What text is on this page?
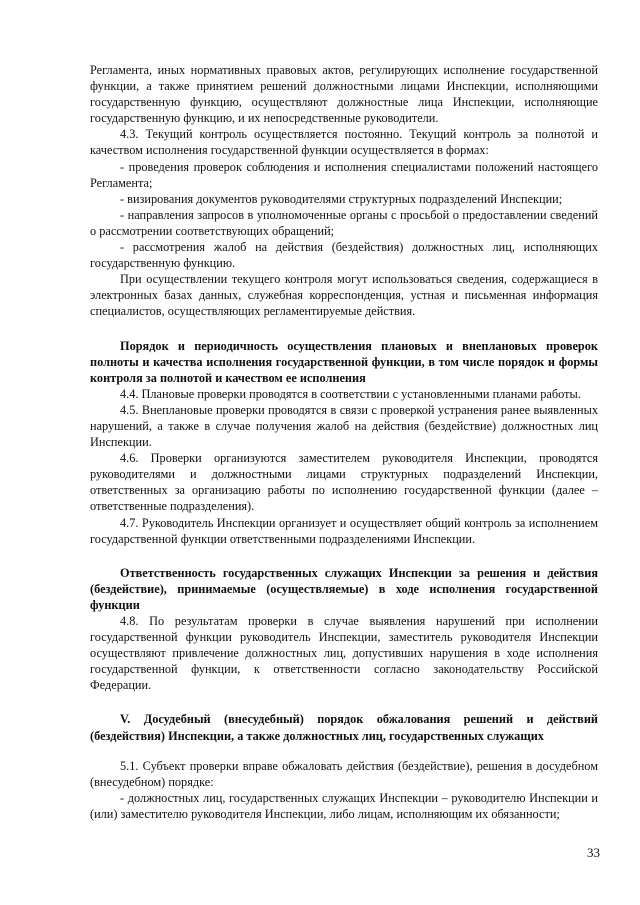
Регламента, иных нормативных правовых актов, регулирующих исполнение государственной функции, а также принятием решений должностными лицами Инспекции, исполняющими государственную функцию, осуществляют должностные лица Инспекции, исполняющие государственную функцию, и их непосредственные руководители.

4.3. Текущий контроль осуществляется постоянно. Текущий контроль за полнотой и качеством исполнения государственной функции осуществляется в формах:

- проведения проверок соблюдения и исполнения специалистами положений настоящего Регламента;

- визирования документов руководителями структурных подразделений Инспекции;

- направления запросов в уполномоченные органы с просьбой о предоставлении сведений о рассмотрении соответствующих обращений;

- рассмотрения жалоб на действия (бездействия) должностных лиц, исполняющих государственную функцию.

При осуществлении текущего контроля могут использоваться сведения, содержащиеся в электронных базах данных, служебная корреспонденция, устная и письменная информация специалистов, осуществляющих регламентируемые действия.

Порядок и периодичность осуществления плановых и внеплановых проверок полноты и качества исполнения государственной функции, в том числе порядок и формы контроля за полнотой и качеством ее исполнения

4.4. Плановые проверки проводятся в соответствии с установленными планами работы.

4.5. Внеплановые проверки проводятся в связи с проверкой устранения ранее выявленных нарушений, а также в случае получения жалоб на действия (бездействие) должностных лиц Инспекции.

4.6. Проверки организуются заместителем руководителя Инспекции, проводятся руководителями и должностными лицами структурных подразделений Инспекции, ответственных за организацию работы по исполнению государственной функции (далее – ответственные подразделения).

4.7. Руководитель Инспекции организует и осуществляет общий контроль за исполнением государственной функции ответственными подразделениями Инспекции.

Ответственность государственных служащих Инспекции за решения и действия (бездействие), принимаемые (осуществляемые) в ходе исполнения государственной функции

4.8. По результатам проверки в случае выявления нарушений при исполнении государственной функции руководитель Инспекции, заместитель руководителя Инспекции осуществляют привлечение должностных лиц, допустивших нарушения в ходе исполнения государственной функции, к ответственности согласно законодательству Российской Федерации.

V. Досудебный (внесудебный) порядок обжалования решений и действий (бездействия) Инспекции, а также должностных лиц, государственных служащих

5.1. Субъект проверки вправе обжаловать действия (бездействие), решения в досудебном (внесудебном) порядке:

- должностных лиц, государственных служащих Инспекции – руководителю Инспекции и (или) заместителю руководителя Инспекции, либо лицам, исполняющим их обязанности;

33
